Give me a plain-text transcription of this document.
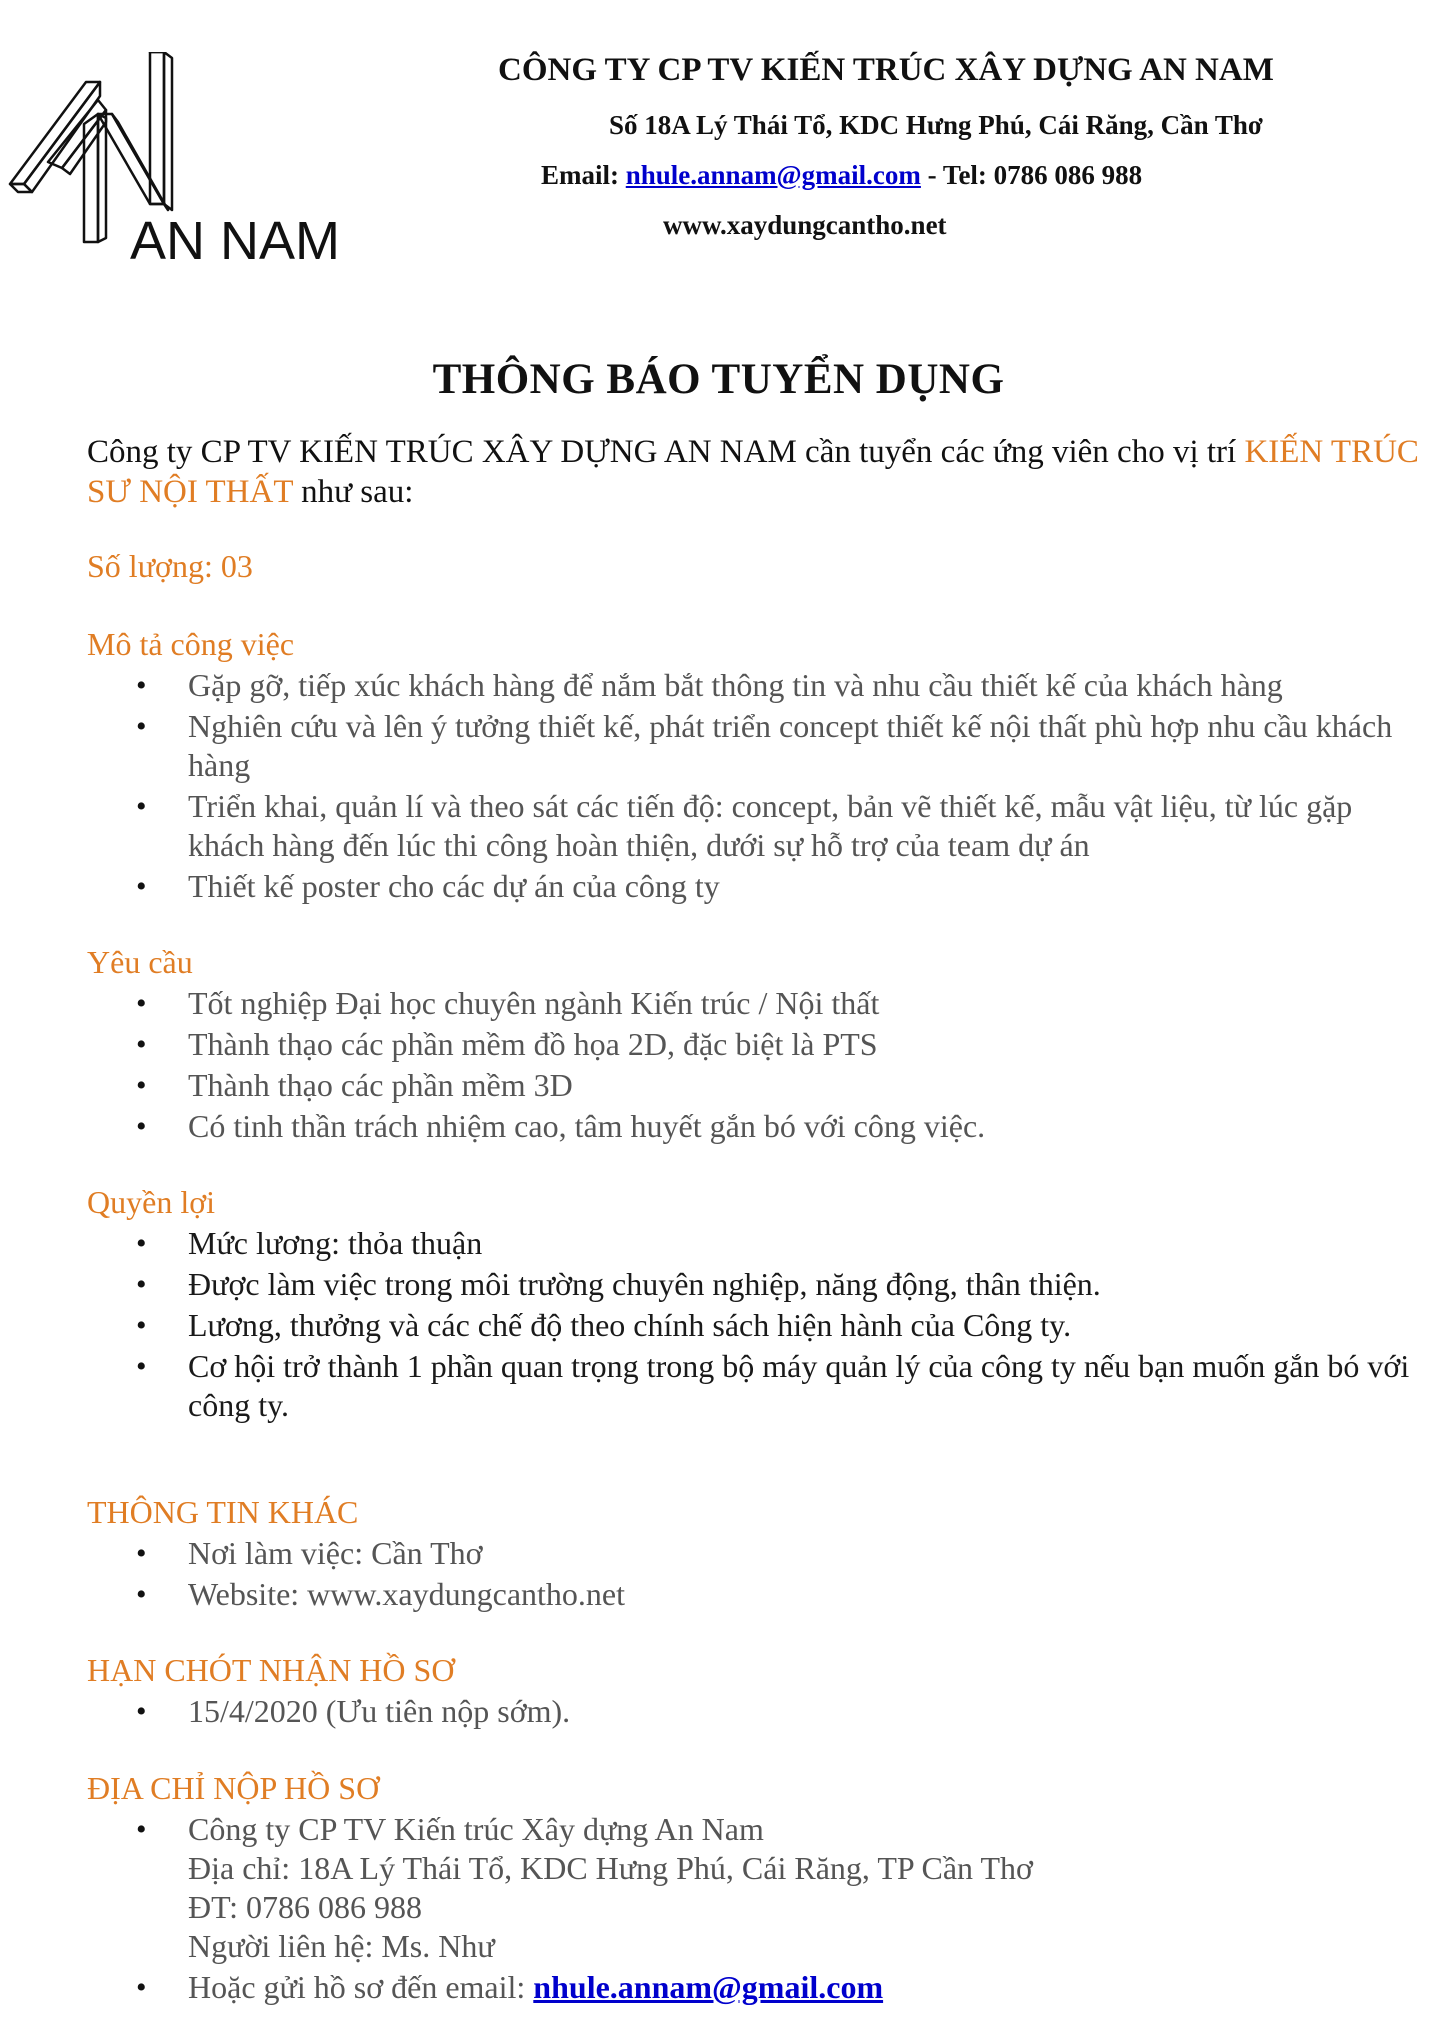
AN NAM
CÔNG TY CP TV KIẾN TRÚC XÂY DỰNG AN NAM
Số 18A Lý Thái Tổ, KDC Hưng Phú, Cái Răng, Cần Thơ
Email: nhule.annam@gmail.com - Tel: 0786 086 988
www.xaydungcantho.net
THÔNG BÁO TUYỂN DỤNG
Công ty CP TV KIẾN TRÚC XÂY DỰNG AN NAM cần tuyển các ứng viên cho vị trí KIẾN TRÚC SƯ NỘI THẤT như sau:
Số lượng: 03
Mô tả công việc
• Gặp gỡ, tiếp xúc khách hàng để nắm bắt thông tin và nhu cầu thiết kế của khách hàng
• Nghiên cứu và lên ý tưởng thiết kế, phát triển concept thiết kế nội thất phù hợp nhu cầu khách hàng
• Triển khai, quản lí và theo sát các tiến độ: concept, bản vẽ thiết kế, mẫu vật liệu, từ lúc gặp khách hàng đến lúc thi công hoàn thiện, dưới sự hỗ trợ của team dự án
• Thiết kế poster cho các dự án của công ty
Yêu cầu
• Tốt nghiệp Đại học chuyên ngành Kiến trúc / Nội thất
• Thành thạo các phần mềm đồ họa 2D, đặc biệt là PTS
• Thành thạo các phần mềm 3D
• Có tinh thần trách nhiệm cao, tâm huyết gắn bó với công việc.
Quyền lợi
• Mức lương: thỏa thuận
• Được làm việc trong môi trường chuyên nghiệp, năng động, thân thiện.
• Lương, thưởng và các chế độ theo chính sách hiện hành của Công ty.
• Cơ hội trở thành 1 phần quan trọng trong bộ máy quản lý của công ty nếu bạn muốn gắn bó với công ty.
THÔNG TIN KHÁC
• Nơi làm việc: Cần Thơ
• Website: www.xaydungcantho.net
HẠN CHÓT NHẬN HỒ SƠ
• 15/4/2020 (Ưu tiên nộp sớm).
ĐỊA CHỈ NỘP HỒ SƠ
• Công ty CP TV Kiến trúc Xây dựng An Nam
Địa chỉ: 18A Lý Thái Tổ, KDC Hưng Phú, Cái Răng, TP Cần Thơ
ĐT: 0786 086 988
Người liên hệ: Ms. Như
• Hoặc gửi hồ sơ đến email: nhule.annam@gmail.com
